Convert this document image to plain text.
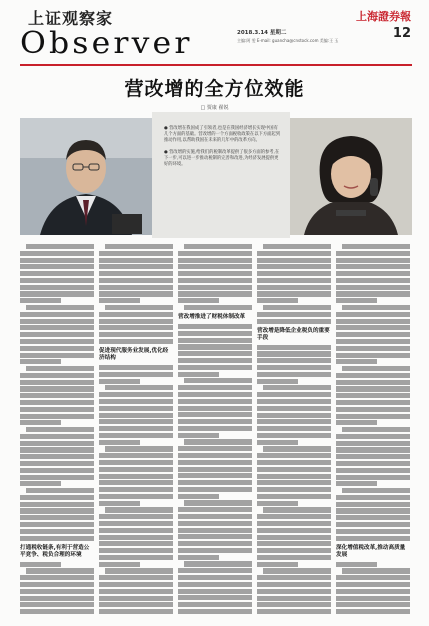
上证观察家
Observer	2018.3.14 星期二
主编:阿 雯 E-mail: guancha@cnstock.com 美编:王 玉
上海證券報
12
营改增的全方位效能
□ 贾康 翟锐

● 营改增在我国成了引领者,也是在我国经济增长实现中国有几个方面的基础。营改增的一个方面税收政策在以下方面起到推动作用,以帮助我国在未来的几年中的改革方向。

● 营改增的实施,给我们的税制改革提供了很多方面的参考,在下一步,可以进一步推动税制的完善和改进,为经济发展提供更好的环境。

打通税收链条,有利于营造公平竞争、税负合理的环境
促进现代服务业发展,优化经济结构
营改增推进了财税体制改革
营改增是降低企业税负的重要手段
深化增值税改革,推动高质量发展
